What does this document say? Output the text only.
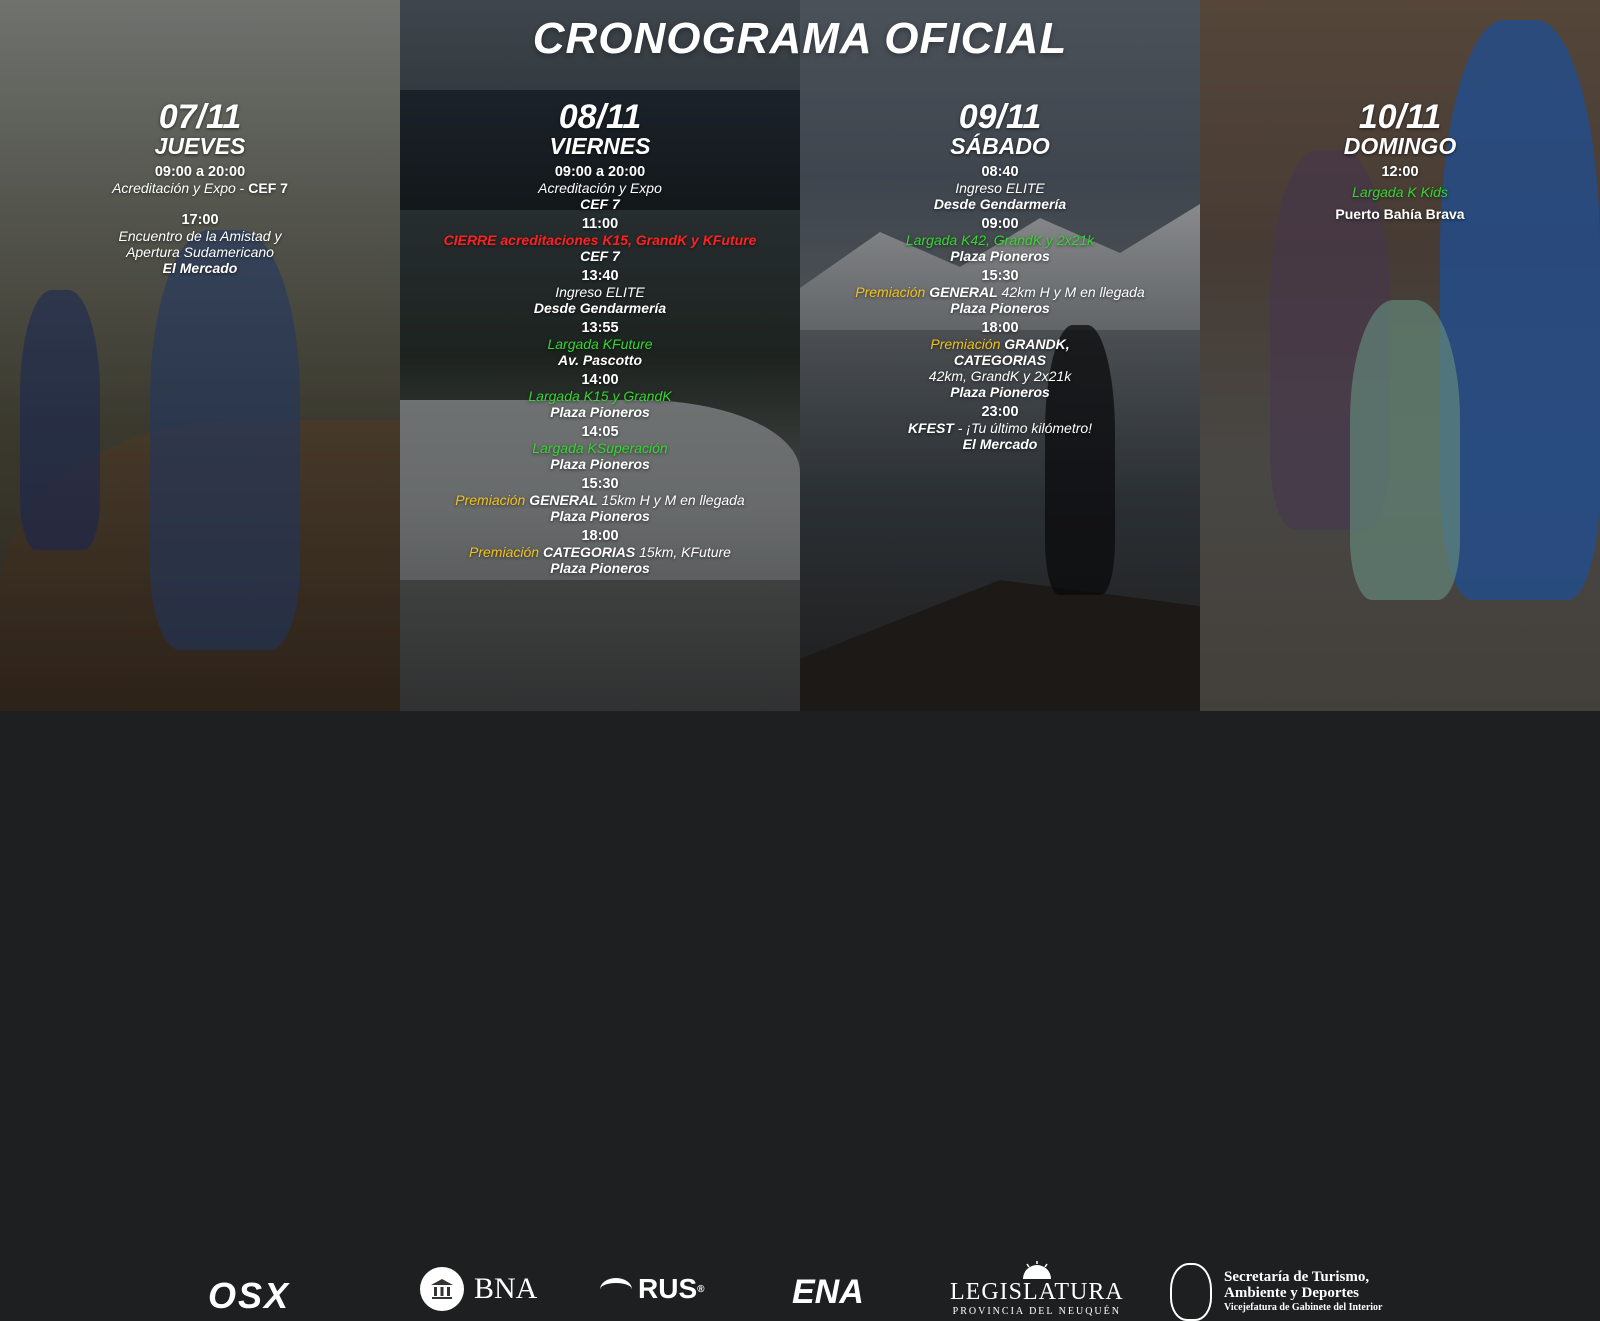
CRONOGRAMA OFICIAL
07/11
JUEVES
09:00 a 20:00
Acreditación y Expo - CEF 7
17:00
Encuentro de la Amistad y
Apertura Sudamericano
El Mercado
08/11
VIERNES
09:00 a 20:00
Acreditación y Expo
CEF 7
11:00
CIERRE acreditaciones K15, GrandK y KFuture
CEF 7
13:40
Ingreso ELITE
Desde Gendarmería
13:55
Largada KFuture
Av. Pascotto
14:00
Largada K15 y GrandK
Plaza Pioneros
14:05
Largada KSuperación
Plaza Pioneros
15:30
Premiación GENERAL 15km H y M en llegada
Plaza Pioneros
18:00
Premiación CATEGORIAS 15km, KFuture
Plaza Pioneros
09/11
SÁBADO
08:40
Ingreso ELITE
Desde Gendarmería
09:00
Largada K42, GrandK y 2x21k
Plaza Pioneros
15:30
Premiación GENERAL 42km H y M en llegada
Plaza Pioneros
18:00
Premiación GRANDK,
CATEGORIAS
42km, GrandK y 2x21k
Plaza Pioneros
23:00
KFEST - ¡Tu último kilómetro!
El Mercado
10/11
DOMINGO
12:00
Largada K Kids
Puerto Bahía Brava
OSX	BNA	RUS ®	ENA	LEGISLATURA
PROVINCIA DEL NEUQUÉN
Secretaría de Turismo,
Ambiente y Deportes
Vicejefatura de Gabinete del Interior
